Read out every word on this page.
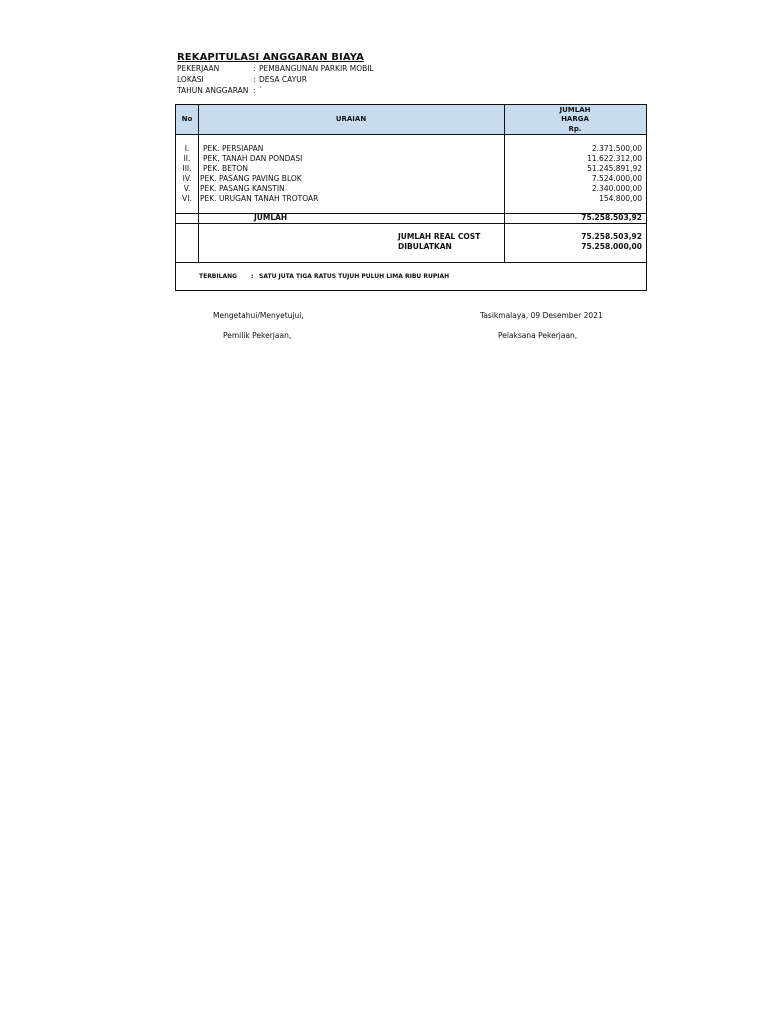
REKAPITULASI ANGGARAN BIAYA
PEKERJAAN	: PEMBANGUNAN PARKIR MOBIL
LOKASI	: DESA CAYUR
TAHUN ANGGARAN : `
No	URAIAN
JUMLAH
HARGA
Rp.
I.	PEK. PERSIAPAN	2.371.500,00
II.	PEK. TANAH DAN PONDASI	11.622.312,00
III.	PEK. BETON	51.245.891,92
IV.	PEK. PASANG PAVING BLOK	7.524.000,00
V.	PEK. PASANG KANSTIN	2.340.000,00
VI.	PEK. URUGAN TANAH TROTOAR	154.800,00
JUMLAH	75.258.503,92
JUMLAH REAL COST	75.258.503,92
DIBULATKAN	75.258.000,00
TERBILANG : SATU JUTA TIGA RATUS TUJUH PULUH LIMA RIBU RUPIAH
Mengetahui/Menyetujui,
Pemilik Pekerjaan,
Tasikmalaya, 09 Desember 2021
Pelaksana Pekerjaan,
